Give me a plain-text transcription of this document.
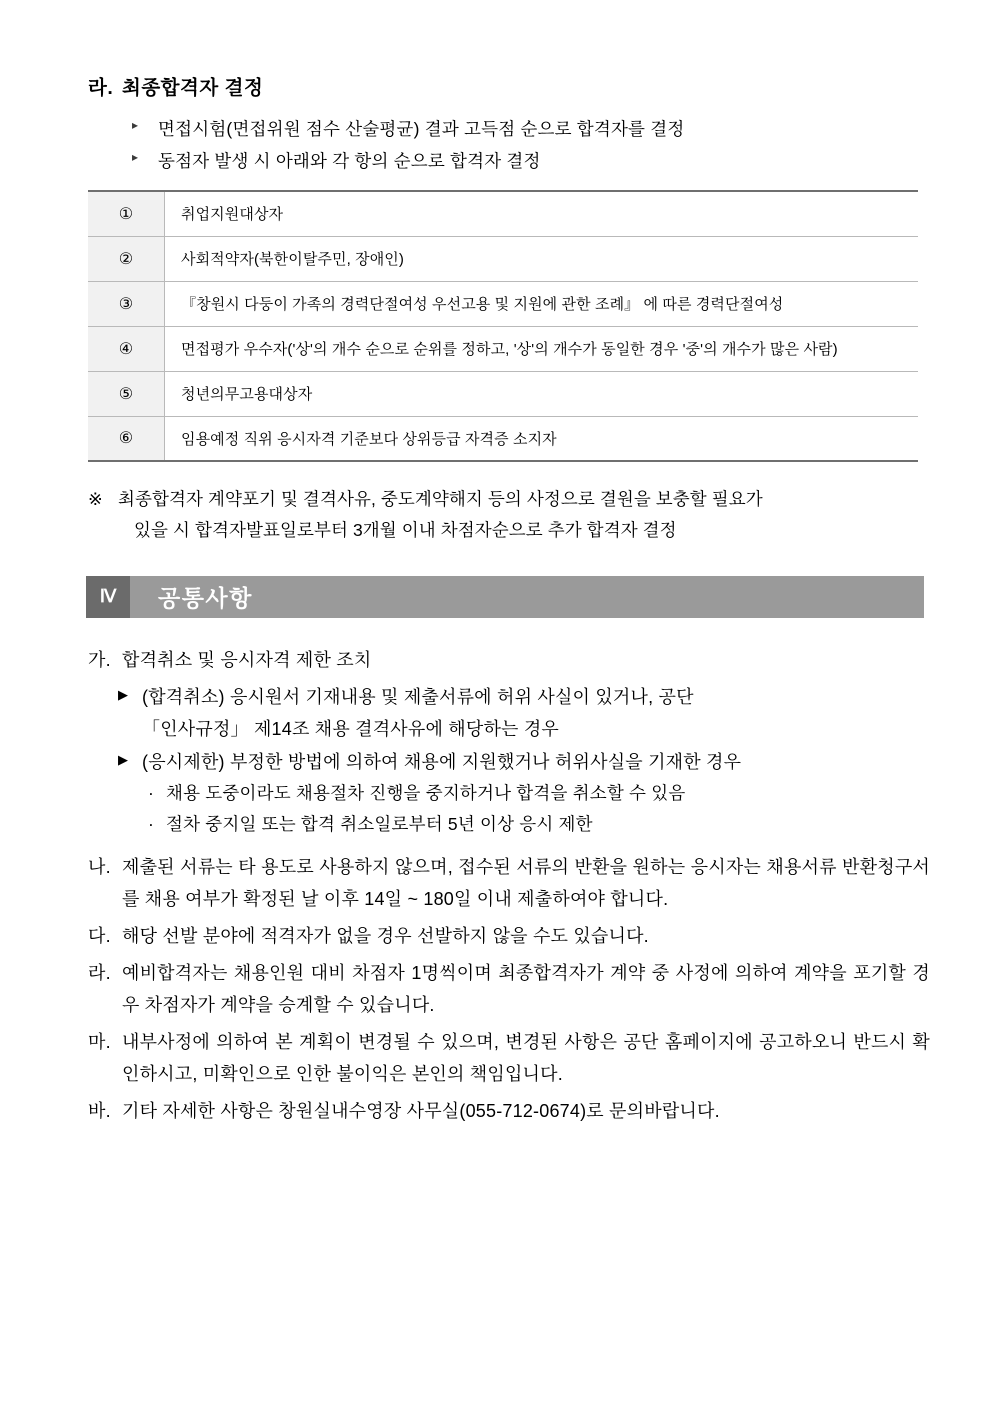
라. 최종합격자 결정
▸	면접시험(면접위원 점수 산술평균) 결과 고득점 순으로 합격자를 결정
▸	동점자 발생 시 아래와 각 항의 순으로 합격자 결정
①	취업지원대상자
②	사회적약자(북한이탈주민, 장애인)
③	『창원시 다둥이 가족의 경력단절여성 우선고용 및 지원에 관한 조례』 에 따른 경력단절여성
④	면접평가 우수자('상'의 개수 순으로 순위를 정하고, '상'의 개수가 동일한 경우 '중'의 개수가 많은 사람)
⑤	청년의무고용대상자
⑥	임용예정 직위 응시자격 기준보다 상위등급 자격증 소지자
※ 최종합격자 계약포기 및 결격사유, 중도계약해지 등의 사정으로 결원을 보충할 필요가
있을 시 합격자발표일로부터 3개월 이내 차점자순으로 추가 합격자 결정
Ⅳ	공통사항
가. 합격취소 및 응시자격 제한 조치
▶ (합격취소) 응시원서 기재내용 및 제출서류에 허위 사실이 있거나, 공단
「인사규정」 제14조 채용 결격사유에 해당하는 경우
▶ (응시제한) 부정한 방법에 의하여 채용에 지원했거나 허위사실을 기재한 경우
· 채용 도중이라도 채용절차 진행을 중지하거나 합격을 취소할 수 있음
· 절차 중지일 또는 합격 취소일로부터 5년 이상 응시 제한
나. 제출된 서류는 타 용도로 사용하지 않으며, 접수된 서류의 반환을 원하는 응시자는 채용서류 반환청구서를 채용 여부가 확정된 날 이후 14일 ~ 180일 이내 제출하여야 합니다.
다. 해당 선발 분야에 적격자가 없을 경우 선발하지 않을 수도 있습니다.
라. 예비합격자는 채용인원 대비 차점자 1명씩이며 최종합격자가 계약 중 사정에 의하여 계약을 포기할 경우 차점자가 계약을 승계할 수 있습니다.
마. 내부사정에 의하여 본 계획이 변경될 수 있으며, 변경된 사항은 공단 홈페이지에 공고하오니 반드시 확인하시고, 미확인으로 인한 불이익은 본인의 책임입니다.
바. 기타 자세한 사항은 창원실내수영장 사무실(055-712-0674)로 문의바랍니다.
